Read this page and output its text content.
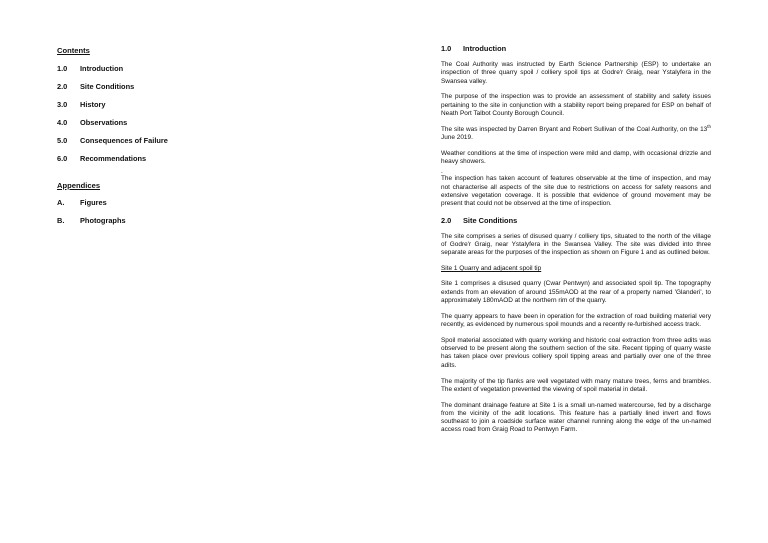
Contents
1.0 Introduction
2.0 Site Conditions
3.0 History
4.0 Observations
5.0 Consequences of Failure
6.0 Recommendations
Appendices
A. Figures
B. Photographs
1.0 Introduction

The Coal Authority was instructed by Earth Science Partnership (ESP) to undertake an inspection of three quarry spoil / colliery spoil tips at Godre'r Graig, near Ystalyfera in the Swansea valley.

The purpose of the inspection was to provide an assessment of stability and safety issues pertaining to the site in conjunction with a stability report being prepared for ESP on behalf of Neath Port Talbot County Borough Council.

The site was inspected by Darren Bryant and Robert Sullivan of the Coal Authority, on the 13th June 2019.

Weather conditions at the time of inspection were mild and damp, with occasional drizzle and heavy showers.

.

The inspection has taken account of features observable at the time of inspection, and may not characterise all aspects of the site due to restrictions on access for safety reasons and extensive vegetation coverage. It is possible that evidence of ground movement may be present that could not be observed at the time of inspection.

2.0 Site Conditions

The site comprises a series of disused quarry / colliery tips, situated to the north of the village of Godre'r Graig, near Ystalyfera in the Swansea Valley. The site was divided into three separate areas for the purposes of the inspection as shown on Figure 1 and as outlined below.

Site 1 Quarry and adjacent spoil tip

Site 1 comprises a disused quarry (Cwar Pentwyn) and associated spoil tip. The topography extends from an elevation of around 155mAOD at the rear of a property named 'Glanderi', to approximately 180mAOD at the northern rim of the quarry.

The quarry appears to have been in operation for the extraction of road building material very recently, as evidenced by numerous spoil mounds and a recently re-furbished access track.

Spoil material associated with quarry working and historic coal extraction from three adits was observed to be present along the southern section of the site. Recent tipping of quarry waste has taken place over previous colliery spoil tipping areas and partially over one of the three adits.

The majority of the tip flanks are well vegetated with many mature trees, ferns and brambles. The extent of vegetation prevented the viewing of spoil material in detail.

The dominant drainage feature at Site 1 is a small un-named watercourse, fed by a discharge from the vicinity of the adit locations. This feature has a partially lined invert and flows southeast to join a roadside surface water channel running along the edge of the un-named access road from Graig Road to Pentwyn Farm.
